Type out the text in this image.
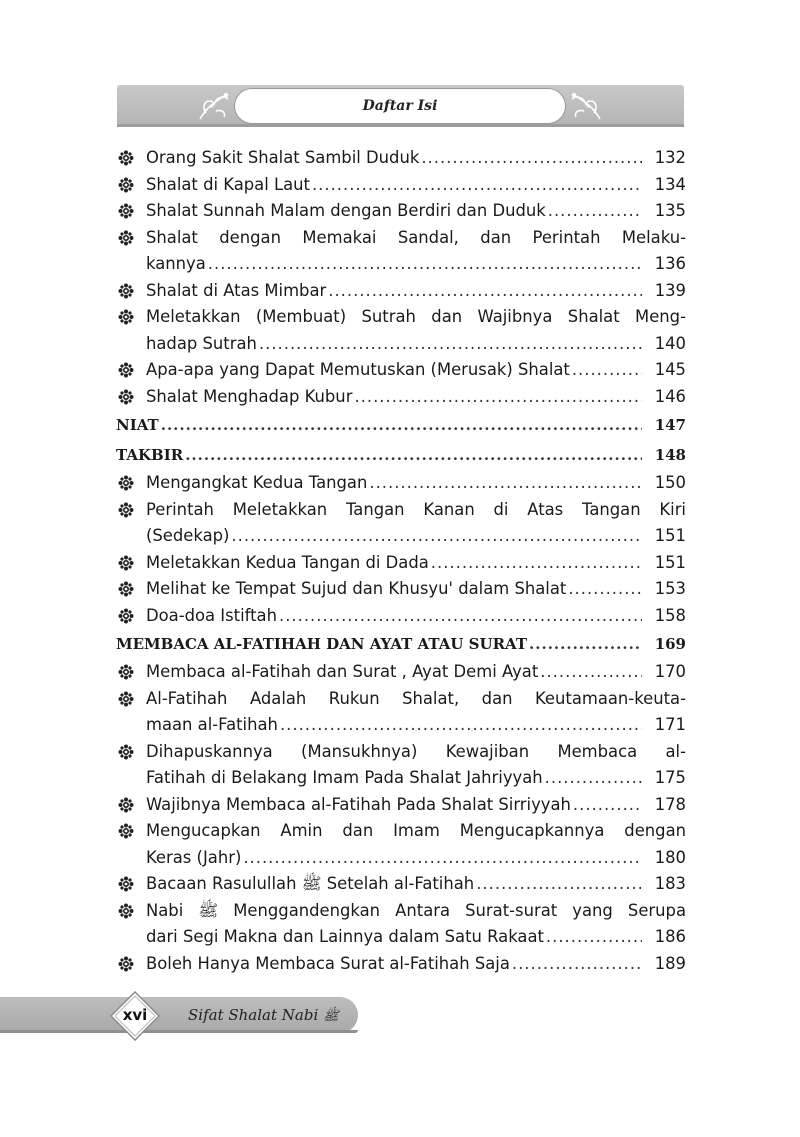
Daftar Isi
Orang Sakit Shalat Sambil Duduk .....	132
Shalat di Kapal Laut .....	134
Shalat Sunnah Malam dengan Berdiri dan Duduk .....	135
Shalat dengan Memakai Sandal, dan Perintah Melaku-
kannya .....	136
Shalat di Atas Mimbar .....	139
Meletakkan (Membuat) Sutrah dan Wajibnya Shalat Meng-
hadap Sutrah .....	140
Apa-apa yang Dapat Memutuskan (Merusak) Shalat .....	145
Shalat Menghadap Kubur .....	146
NIAT .....	147
TAKBIR .....	148
Mengangkat Kedua Tangan .....	150
Perintah Meletakkan Tangan Kanan di Atas Tangan Kiri
(Sedekap) .....	151
Meletakkan Kedua Tangan di Dada .....	151
Melihat ke Tempat Sujud dan Khusyu' dalam Shalat .....	153
Doa-doa Istiftah .....	158
MEMBACA AL-FATIHAH DAN AYAT ATAU SURAT .....	169
Membaca al-Fatihah dan Surat , Ayat Demi Ayat .....	170
Al-Fatihah Adalah Rukun Shalat, dan Keutamaan-keuta-
maan al-Fatihah .....	171
Dihapuskannya (Mansukhnya) Kewajiban Membaca al-
Fatihah di Belakang Imam Pada Shalat Jahriyyah .....	175
Wajibnya Membaca al-Fatihah Pada Shalat Sirriyyah .....	178
Mengucapkan Amin dan Imam Mengucapkannya dengan
Keras (Jahr) .....	180
Bacaan Rasulullah ﷺ Setelah al-Fatihah .....	183
Nabi ﷺ Menggandengkan Antara Surat-surat yang Serupa
dari Segi Makna dan Lainnya dalam Satu Rakaat .....	186
Boleh Hanya Membaca Surat al-Fatihah Saja .....	189
xvi	Sifat Shalat Nabi ﷺ
